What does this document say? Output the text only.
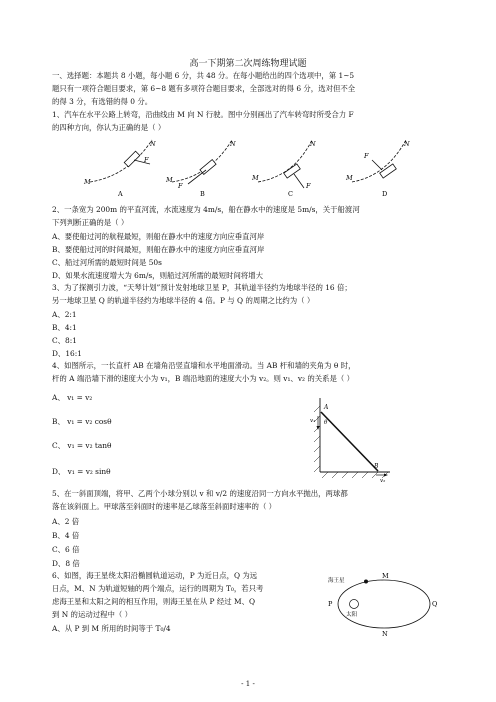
高一下期第二次周练物理试题
一、选择题：本题共 8 小题，每小题 6 分，共 48 分。在每小题给出的四个选项中，第 1~5
题只有一项符合题目要求，第 6~8 题有多项符合题目要求，全部选对的得 6 分，选对但不全
的得 3 分，有选错的得 0 分。
1、汽车在水平公路上转弯，沿曲线由 M 向 N 行驶。图中分别画出了汽车转弯时所受合力 F
的四种方向，你认为正确的是（ ）
M
N
F
A
M
N
F
B
M
N
F
C
M
N
F
D
2、一条宽为 200m 的平直河流，水流速度为 4m/s，船在静水中的速度是 5m/s，关于船渡河
下列判断正确的是（ ）
A、要使船过河的航程最短，则船在静水中的速度方向应垂直河岸
B、要使船过河的时间最短，则船在静水中的速度方向应垂直河岸
C、船过河所需的最短时间是 50s
D、如果水流速度增大为 6m/s，则船过河所需的最短时间将增大
3、为了探测引力波，“天琴计划”预计发射地球卫星 P，其轨道半径约为地球半径的 16 倍；
另一地球卫星 Q 的轨道半径约为地球半径的 4 倍。P 与 Q 的周期之比约为（ ）
A、2:1
B、4:1
C、8:1
D、16:1
4、如图所示，一长直杆 AB 在墙角沿竖直墙和水平地面滑动。当 AB 杆和墙的夹角为 θ 时，
杆的 A 端沿墙下滑的速度大小为 v₁，B 端沿地面的速度大小为 v₂。则 v₁、v₂ 的关系是（ ）
A、 v₁ = v₂
B、 v₁ = v₂ cosθ
C、 v₁ = v₂ tanθ
D、 v₁ = v₂ sinθ
A
θ
v₁
B
v₂
5、在一斜面顶端，将甲、乙两个小球分别以 v 和 v/2 的速度沿同一方向水平抛出，两球都
落在该斜面上。甲球落至斜面时的速率是乙球落至斜面时速率的（ ）
A、2 倍
B、4 倍
C、6 倍
D、8 倍
6、如图，海王星绕太阳沿椭圆轨道运动，P 为近日点，Q 为远
日点，M、N 为轨道短轴的两个端点，运行的周期为 T₀，若只考
虑海王星和太阳之间的相互作用，则海王星在从 P 经过 M、Q
到 N 的运动过程中（ ）
A、从 P 到 M 所用的时间等于 T₀/4
海王星
太阳
M
N
P	Q
- 1 -
